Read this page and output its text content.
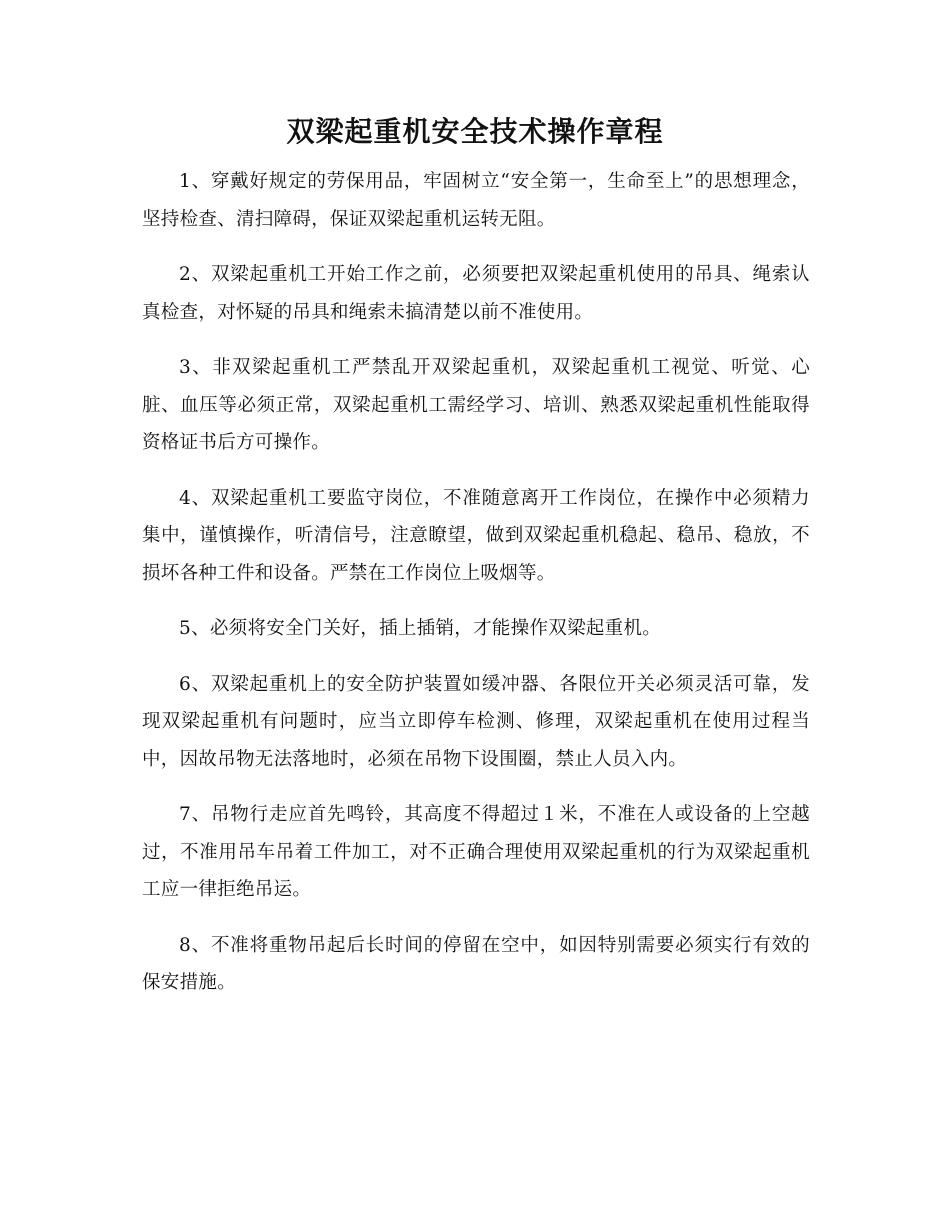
双梁起重机安全技术操作章程

1、穿戴好规定的劳保用品，牢固树立“安全第一，生命至上”的思想理念，坚持检查、清扫障碍，保证双梁起重机运转无阻。

2、双梁起重机工开始工作之前，必须要把双梁起重机使用的吊具、绳索认真检查，对怀疑的吊具和绳索未搞清楚以前不准使用。

3、非双梁起重机工严禁乱开双梁起重机，双梁起重机工视觉、听觉、心脏、血压等必须正常，双梁起重机工需经学习、培训、熟悉双梁起重机性能取得资格证书后方可操作。

4、双梁起重机工要监守岗位，不准随意离开工作岗位，在操作中必须精力集中，谨慎操作，听清信号，注意瞭望，做到双梁起重机稳起、稳吊、稳放，不损坏各种工件和设备。严禁在工作岗位上吸烟等。

5、必须将安全门关好，插上插销，才能操作双梁起重机。

6、双梁起重机上的安全防护装置如缓冲器、各限位开关必须灵活可靠，发现双梁起重机有问题时，应当立即停车检测、修理，双梁起重机在使用过程当中，因故吊物无法落地时，必须在吊物下设围圈，禁止人员入内。

7、吊物行走应首先鸣铃，其高度不得超过１米，不准在人或设备的上空越过，不准用吊车吊着工件加工，对不正确合理使用双梁起重机的行为双梁起重机工应一律拒绝吊运。

8、不准将重物吊起后长时间的停留在空中，如因特别需要必须实行有效的保安措施。
